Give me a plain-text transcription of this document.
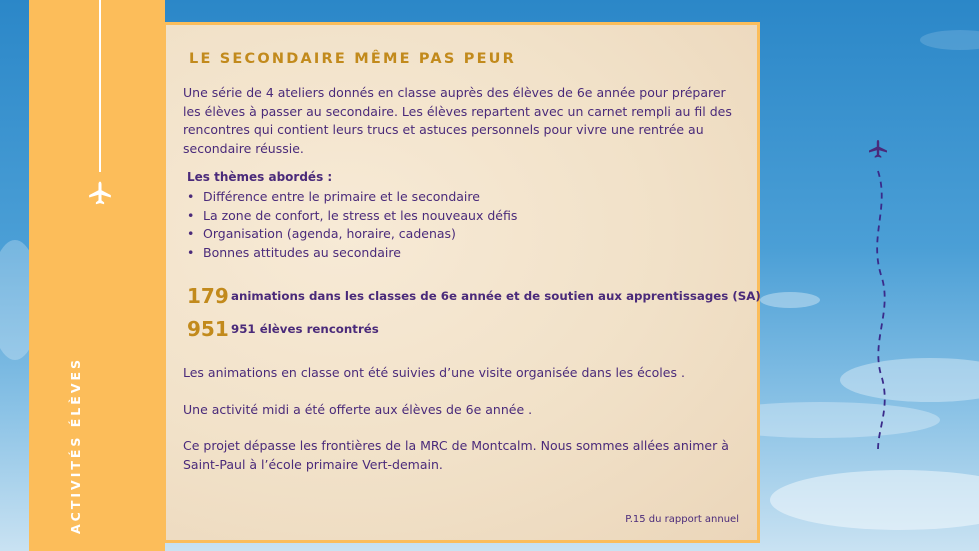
ACTIVITÉS ÉLÈVES
LE SECONDAIRE MÊME PAS PEUR

Une série de 4 ateliers donnés en classe auprès des élèves de 6e année pour préparer les élèves à passer au secondaire. Les élèves repartent avec un carnet rempli au fil des rencontres qui contient leurs trucs et astuces personnels pour vivre une rentrée au secondaire réussie.

Les thèmes abordés :

• Différence entre le primaire et le secondaire
• La zone de confort, le stress et les nouveaux défis
• Organisation (agenda, horaire, cadenas)
• Bonnes attitudes au secondaire
179 animations dans les classes de 6e année et de soutien aux apprentissages (SA)
951 951 élèves rencontrés

Les animations en classe ont été suivies d’une visite organisée dans les écoles .

Une activité midi a été offerte aux élèves de 6e année .

Ce projet dépasse les frontières de la MRC de Montcalm. Nous sommes allées animer à Saint-Paul à l’école primaire Vert-demain.

P.15 du rapport annuel
